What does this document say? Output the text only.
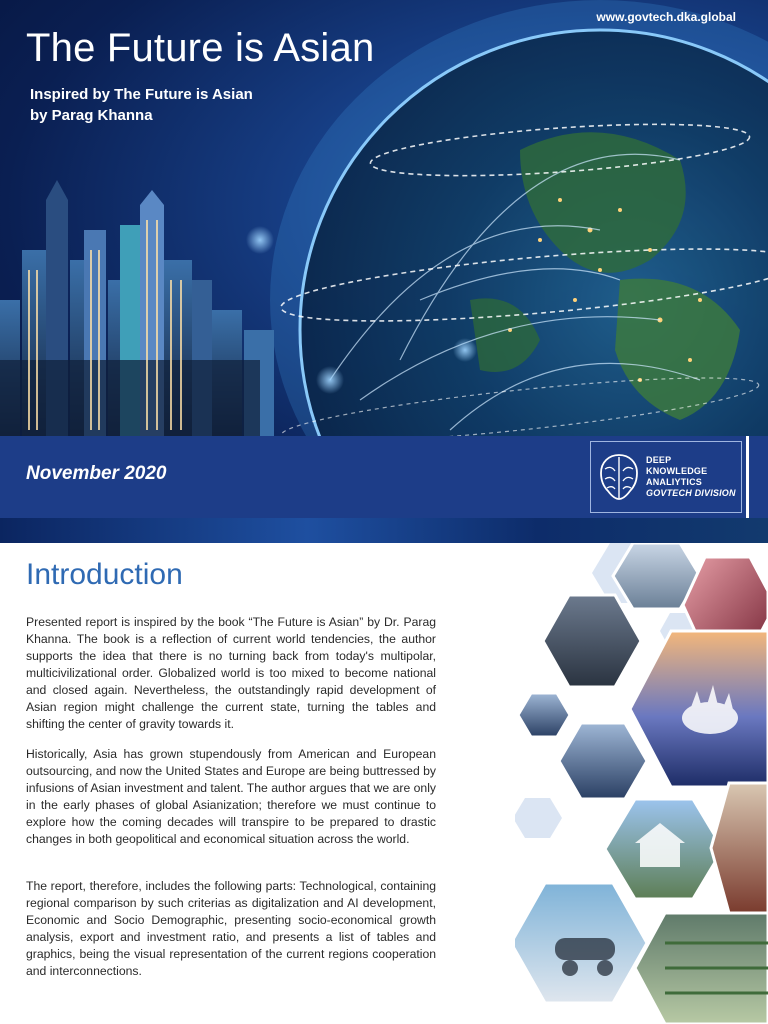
www.govtech.dka.global
The Future is Asian
Inspired by The Future is Asian
by Parag Khanna
November 2020
DEEP
KNOWLEDGE
ANALIYTICS
GOVTECH DIVISION
Introduction

Presented report is inspired by the book “The Future is Asian” by Dr. Parag Khanna. The book is a reflection of current world tendencies, the author supports the idea that there is no turning back from today's multipolar, multicivilizational order. Globalized world is too mixed to become national and closed again. Nevertheless, the outstandingly rapid development of Asian region might challenge the current state, turning the tables and shifting the center of gravity towards it.

Historically, Asia has grown stupendously from American and European outsourcing, and now the United States and Europe are being buttressed by infusions of Asian investment and talent. The author argues that we are only in the early phases of global Asianization; therefore we must continue to explore how the coming decades will transpire to be prepared to drastic changes in both geopolitical and economical situation across the world.

The report, therefore, includes the following parts: Technological, containing regional comparison by such criterias as digitalization and AI development, Economic and Socio Demographic, presenting socio-economical growth analysis, export and investment ratio, and presents a list of tables and graphics, being the visual representation of the current regions cooperation and interconnections.
